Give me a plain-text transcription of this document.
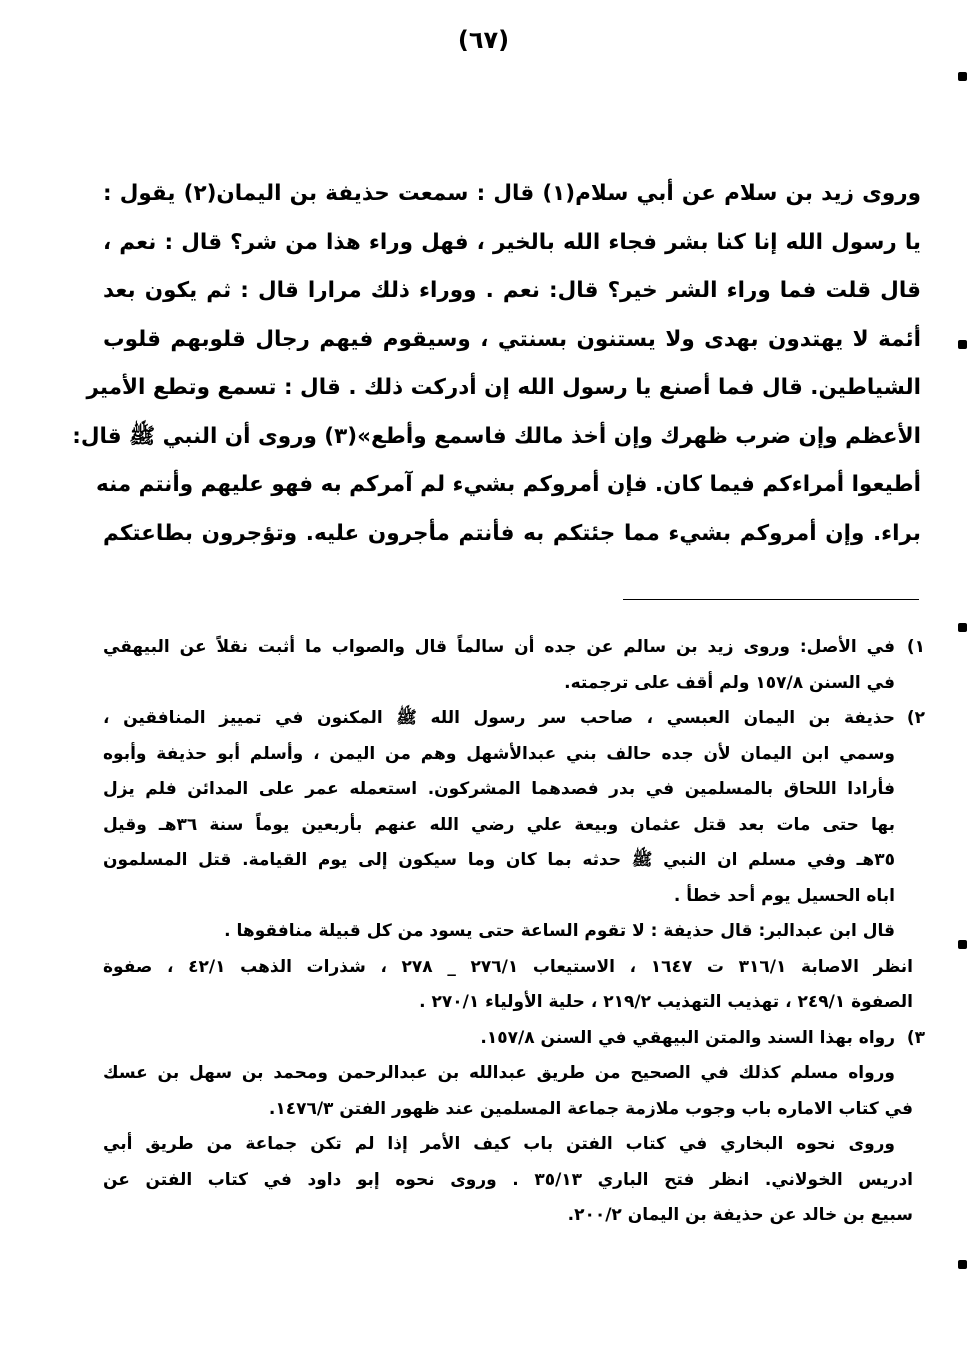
(٦٧)
وروى زيد بن سلام عن أبي سلام(١) قال : سمعت حذيفة بن اليمان(٢) يقول :
يا رسول الله إنا كنا بشر فجاء الله بالخير ، فهل وراء هذا من شر؟ قال : نعم ،
قال قلت فما وراء الشر خير؟ قال: نعم . ووراء ذلك مرارا قال : ثم يكون بعد
أئمة لا يهتدون بهدى ولا يستنون بسنتي ، وسيقوم فيهم رجال قلوبهم قلوب
الشياطين. قال فما أصنع يا رسول الله إن أدركت ذلك . قال : تسمع وتطع الأمير
الأعظم وإن ضرب ظهرك وإن أخذ مالك فاسمع وأطع»(٣) وروى أن النبي ﷺ قال:
أطيعوا أمراءكم فيما كان. فإن أمروكم بشيء لم آمركم به فهو عليهم وأنتم منه
براء. وإن أمروكم بشيء مما جئتكم به فأنتم مأجرون عليه. وتؤجرون بطاعتكم
١)في الأصل: وروى زيد بن سالم عن جده أن سالماً قال والصواب ما أثبت نقلاً عن البيهقي
في السنن ١٥٧/٨ ولم أقف على ترجمته.
٢)حذيفة بن اليمان العبسي ، صاحب سر رسول الله ﷺ المكنون في تمييز المنافقين ،
وسمي ابن اليمان لأن جده حالف بني عبدالأشهل وهم من اليمن ، وأسلم أبو حذيفة وأبوه
فأرادا اللحاق بالمسلمين في بدر فصدهما المشركون. استعمله عمر على المدائن فلم يزل
بها حتى مات بعد قتل عثمان وبيعة علي رضي الله عنهم بأربعين يوماً سنة ٣٦هـ وقيل
٣٥هـ وفي مسلم ان النبي ﷺ حدثه بما كان وما سيكون إلى يوم القيامة. قتل المسلمون
اباه الحسيل يوم أحد خطأ .
قال ابن عبدالبر: قال حذيفة : لا تقوم الساعة حتى يسود من كل قبيلة منافقوها .
انظر الاصابة ٣١٦/١ ت ١٦٤٧ ، الاستيعاب ٢٧٦/١ _ ٢٧٨ ، شذرات الذهب ٤٢/١ ، صفوة
الصفوة ٢٤٩/١ ، تهذيب التهذيب ٢١٩/٢ ، حلية الأولياء ٢٧٠/١ .
٣)رواه بهذا السند والمتن البيهقي في السنن ١٥٧/٨.
ورواه مسلم كذلك في الصحيح من طريق عبدالله بن عبدالرحمن ومحمد بن سهل بن عسك
في كتاب الاماره باب وجوب ملازمة جماعة المسلمين عند ظهور الفتن ١٤٧٦/٣.
وروى نحوه البخاري في كتاب الفتن باب كيف الأمر إذا لم تكن جماعة من طريق أبي
ادريس الخولاني. انظر فتح الباري ٣٥/١٣ . وروى نحوه إبو داود في كتاب الفتن عن
سبيع بن خالد عن حذيفة بن اليمان ٢٠٠/٢.
